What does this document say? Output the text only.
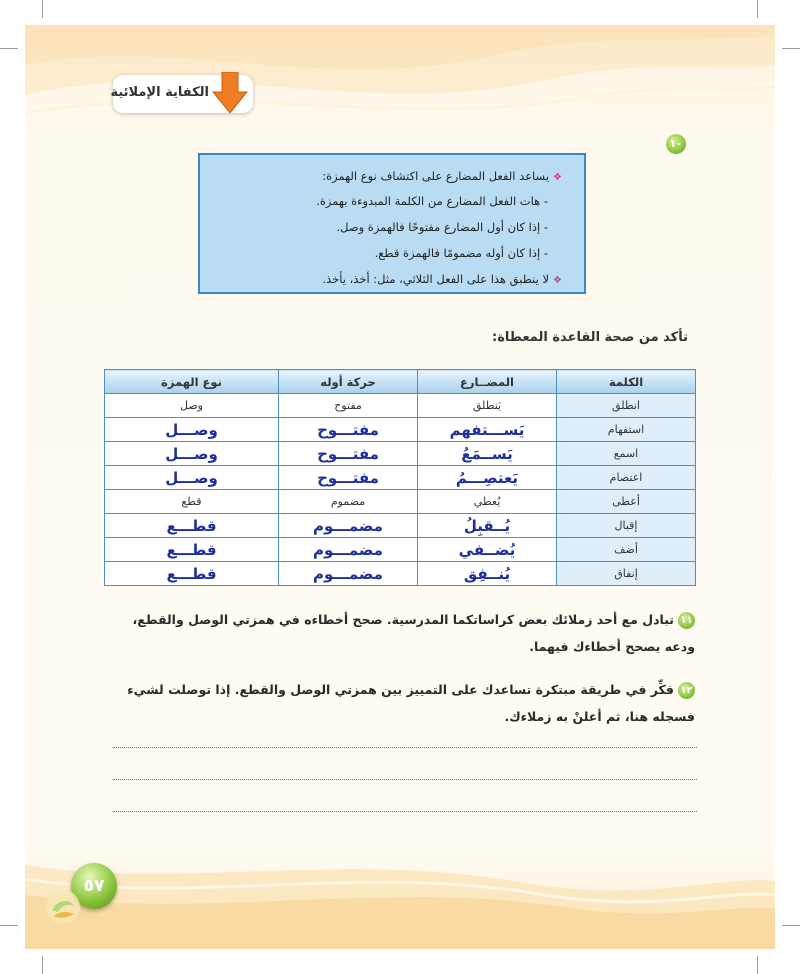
الكفاية الإملائية
١٠
❖يساعد الفعل المضارع على اكتشاف نوع الهمزة:
- هات الفعل المضارع من الكلمة المبدوءة بهمزة.
- إذا كان أول المضارع مفتوحًا فالهمزة وصل.
- إذا كان أوله مضمومًا فالهمزة قطع.
❖لا ينطبق هذا على الفعل الثلاثي، مثل: أخذ، يأخذ.
تأكد من صحة القاعدة المعطاة:
الكلمة	المضــارع	حركة أوله	نوع الهمزة
انطلق	يَنطلق	مفتوح	وصل
استفهام	يَســـتفهم	مفتـــوح	وصـــل
اسمع	يَســمَعُ	مفتـــوح	وصـــل
اعتصام	يَعتصِـــمُ	مفتـــوح	وصـــل
أعطى	يُعطي	مضموم	قطع
إقبال	يُــقبِلُ	مضمـــوم	قطـــع
أضف	يُضــفي	مضمـــوم	قطـــع
إنفاق	يُنــفِق	مضمـــوم	قطـــع
١١تبادل مع أحد زملائك بعض كراساتكما المدرسية. صحح أخطاءه في همزتي الوصل والقطع، ودعه يصحح أخطاءك فيهما.
١٢فكِّر في طريقة مبتكرة تساعدك على التمييز بين همزتي الوصل والقطع. إذا توصلت لشيء فسجله هنا، ثم أعلنْ به زملاءك.
٥٧
